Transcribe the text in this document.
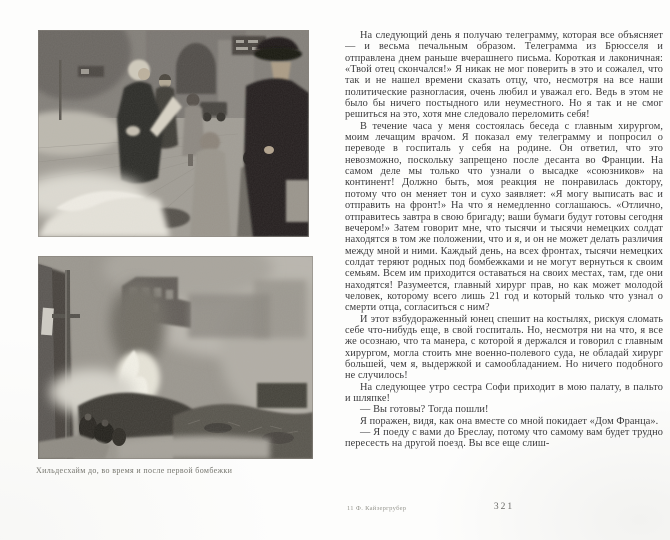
Хильдесхайм до, во время и после первой бомбежки

На следующий день я получаю телеграмму, которая все объясняет — и весьма печальным образом. Телеграмма из Брюсселя и отправлена днем раньше вчерашнего письма. Короткая и лаконичная: «Твой отец скончался!» Я никак не мог поверить в это и сожалел, что так и не нашел времени сказать отцу, что, несмотря на все наши политические разногласия, очень любил и уважал его. Ведь в этом не было бы ничего постыдного или неуместного. Но я так и не смог решиться на это, хотя мне следовало переломить себя!

В течение часа у меня состоялась беседа с главным хирургом, моим лечащим врачом. Я показал ему телеграмму и попросил о переводе в госпиталь у себя на родине. Он ответил, что это невозможно, поскольку запрещено после десанта во Франции. На самом деле мы только что узнали о высадке «союзников» на континент! Должно быть, моя реакция не понравилась доктору, потому что он меняет тон и сухо заявляет: «Я могу выписать вас и отправить на фронт!» На что я немедленно соглашаюсь. «Отлично, отправитесь завтра в свою бригаду; ваши бумаги будут готовы сегодня вечером!» Затем говорит мне, что тысячи и тысячи немецких солдат находятся в том же положении, что и я, и он не может делать различия между мной и ними. Каждый день, на всех фронтах, тысячи немецких солдат теряют родных под бомбежками и не могут вернуться к своим семьям. Всем им приходится оставаться на своих местах, там, где они находятся! Разумеется, главный хирург прав, но как может молодой человек, которому всего лишь 21 год и который только что узнал о смерти отца, согласиться с ним?

И этот взбудораженный юнец спешит на костылях, рискуя сломать себе что-нибудь еще, в свой госпиталь. Но, несмотря ни на что, я все же осознаю, что та манера, с которой я держался и говорил с главным хирургом, могла стоить мне военно-полевого суда, не обладай хирург большей, чем я, выдержкой и самообладанием. Но ничего подобного не случилось!

На следующее утро сестра Софи приходит в мою палату, в пальто и шляпке!

— Вы готовы? Тогда пошли!

Я поражен, видя, как она вместе со мной покидает «Дом Франца».

— Я поеду с вами до Бреслау, потому что самому вам будет трудно пересесть на другой поезд. Вы все еще слиш-

11 Ф. Кайзергрубер	321
